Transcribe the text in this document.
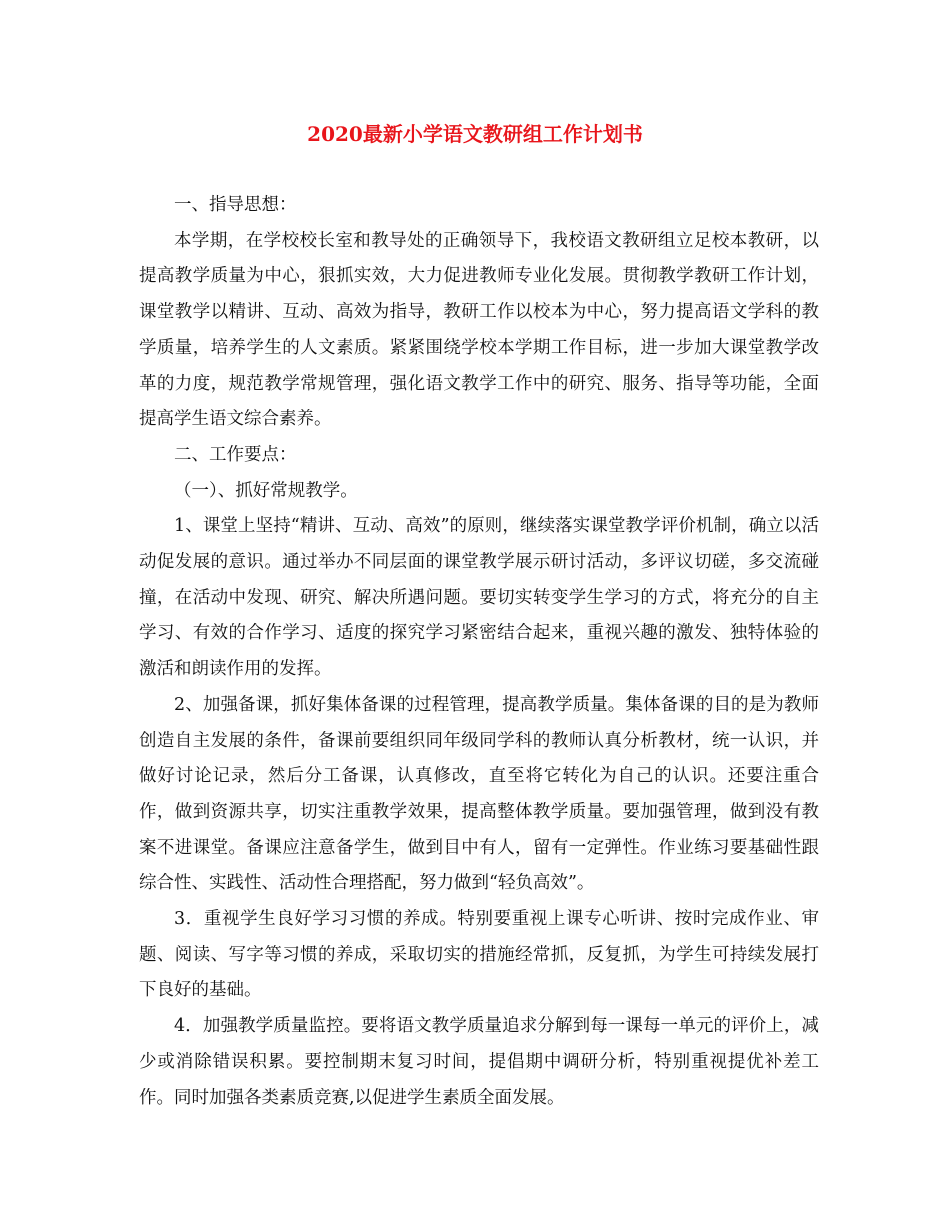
2020最新小学语文教研组工作计划书

一、指导思想：

本学期，在学校校长室和教导处的正确领导下，我校语文教研组立足校本教研，以提高教学质量为中心，狠抓实效，大力促进教师专业化发展。贯彻教学教研工作计划，课堂教学以精讲、互动、高效为指导，教研工作以校本为中心，努力提高语文学科的教学质量，培养学生的人文素质。紧紧围绕学校本学期工作目标，进一步加大课堂教学改革的力度，规范教学常规管理，强化语文教学工作中的研究、服务、指导等功能，全面提高学生语文综合素养。

二、工作要点：

（一）、抓好常规教学。

1、课堂上坚持“精讲、互动、高效”的原则，继续落实课堂教学评价机制，确立以活动促发展的意识。通过举办不同层面的课堂教学展示研讨活动，多评议切磋，多交流碰撞，在活动中发现、研究、解决所遇问题。要切实转变学生学习的方式，将充分的自主学习、有效的合作学习、适度的探究学习紧密结合起来，重视兴趣的激发、独特体验的激活和朗读作用的发挥。

2、加强备课，抓好集体备课的过程管理，提高教学质量。集体备课的目的是为教师创造自主发展的条件，备课前要组织同年级同学科的教师认真分析教材，统一认识，并做好讨论记录，然后分工备课，认真修改，直至将它转化为自己的认识。还要注重合作，做到资源共享，切实注重教学效果，提高整体教学质量。要加强管理，做到没有教案不进课堂。备课应注意备学生，做到目中有人，留有一定弹性。作业练习要基础性跟综合性、实践性、活动性合理搭配，努力做到“轻负高效”。

3．重视学生良好学习习惯的养成。特别要重视上课专心听讲、按时完成作业、审题、阅读、写字等习惯的养成，采取切实的措施经常抓，反复抓，为学生可持续发展打下良好的基础。

4．加强教学质量监控。要将语文教学质量追求分解到每一课每一单元的评价上，减少或消除错误积累。要控制期末复习时间，提倡期中调研分析，特别重视提优补差工作。同时加强各类素质竞赛,以促进学生素质全面发展。
